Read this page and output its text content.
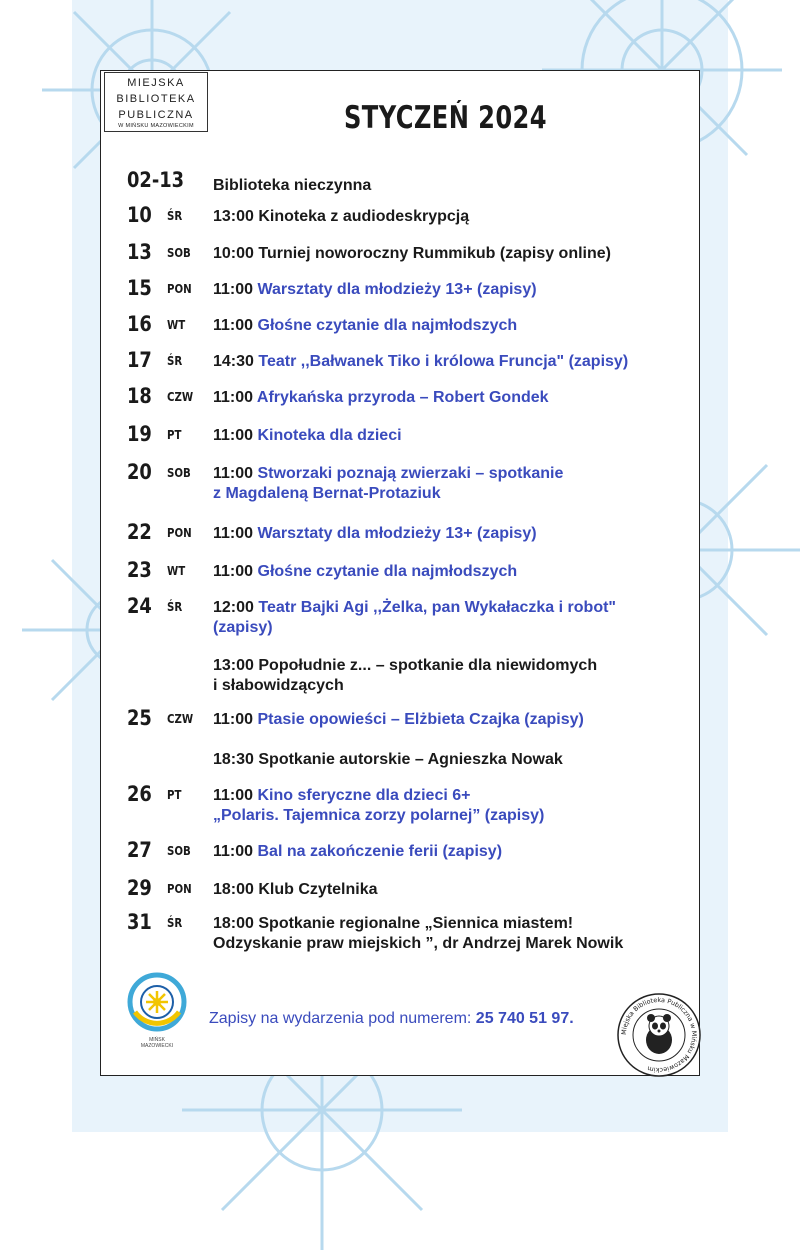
MIEJSKA
BIBLIOTEKA
PUBLICZNA
W MIŃSKU MAZOWIECKIM	STYCZEŃ 2024
02-13 Biblioteka nieczynna
10 ŚR 13:00 Kinoteka z audiodeskrypcją
13 SOB 10:00 Turniej noworoczny Rummikub (zapisy online)
15 PON 11:00 Warsztaty dla młodzieży 13+ (zapisy)
16 WT 11:00 Głośne czytanie dla najmłodszych
17 ŚR 14:30 Teatr ,,Bałwanek Tiko i królowa Fruncja" (zapisy)
18 CZW 11:00 Afrykańska przyroda – Robert Gondek
19 PT 11:00 Kinoteka dla dzieci
20 SOB 11:00 Stworzaki poznają zwierzaki – spotkanie
z Magdaleną Bernat-Protaziuk
22 PON 11:00 Warsztaty dla młodzieży 13+ (zapisy)
23 WT 11:00 Głośne czytanie dla najmłodszych
24 ŚR 12:00 Teatr Bajki Agi ,,Żelka, pan Wykałaczka i robot"
(zapisy)
13:00 Popołudnie z... – spotkanie dla niewidomych
i słabowidzących
25 CZW 11:00 Ptasie opowieści – Elżbieta Czajka (zapisy)
18:30 Spotkanie autorskie – Agnieszka Nowak
26 PT 11:00 Kino sferyczne dla dzieci 6+
„Polaris. Tajemnica zorzy polarnej” (zapisy)
27 SOB 11:00 Bal na zakończenie ferii (zapisy)
29 PON 18:00 Klub Czytelnika
31 ŚR 18:00 Spotkanie regionalne „Siennica miastem!
Odzyskanie praw miejskich ”, dr Andrzej Marek Nowik
MIŃSK
MAZOWIECKI
Zapisy na wydarzenia pod numerem: 25 740 51 97.
Miejska Biblioteka Publiczna w Mińsku Mazowieckim
